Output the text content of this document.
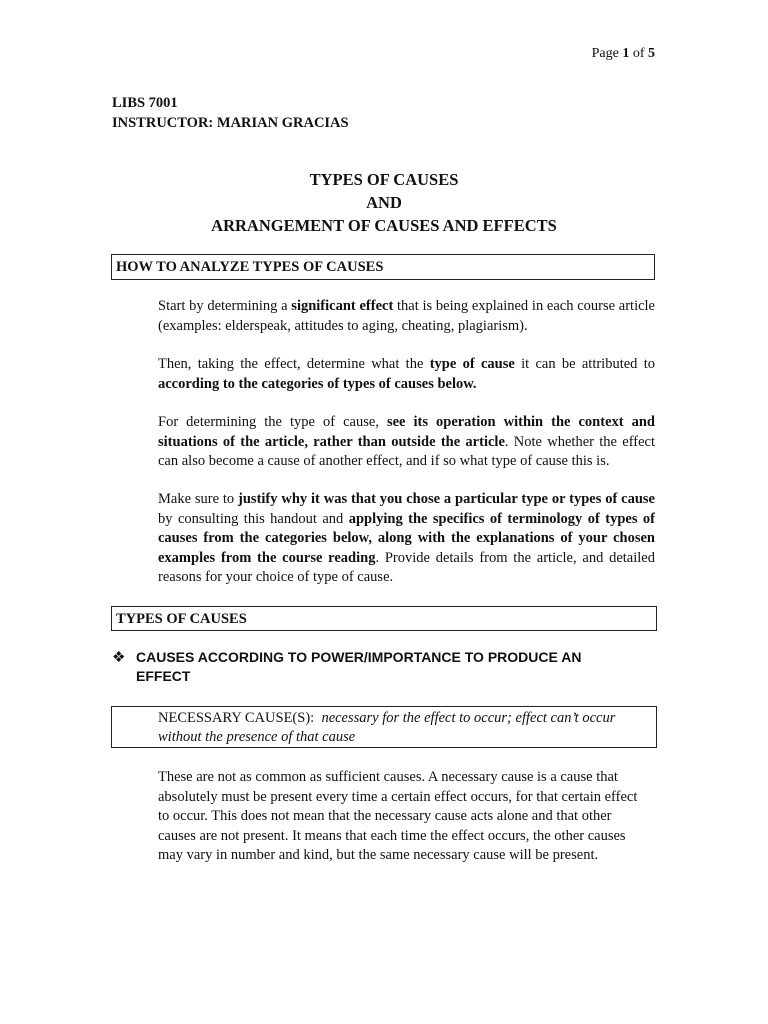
Page 1 of 5
LIBS 7001
INSTRUCTOR: MARIAN GRACIAS
TYPES OF CAUSES
AND
ARRANGEMENT OF CAUSES AND EFFECTS
HOW TO ANALYZE TYPES OF CAUSES
Start by determining a significant effect that is being explained in each course article (examples: elderspeak, attitudes to aging, cheating, plagiarism).
Then, taking the effect, determine what the type of cause it can be attributed to according to the categories of types of causes below.
For determining the type of cause, see its operation within the context and situations of the article, rather than outside the article. Note whether the effect can also become a cause of another effect, and if so what type of cause this is.
Make sure to justify why it was that you chose a particular type or types of cause by consulting this handout and applying the specifics of terminology of types of causes from the categories below, along with the explanations of your chosen examples from the course reading. Provide details from the article, and detailed reasons for your choice of type of cause.
TYPES OF CAUSES
❖ CAUSES ACCORDING TO POWER/IMPORTANCE TO PRODUCE AN
EFFECT
NECESSARY CAUSE(S): necessary for the effect to occur; effect can’t occur without the presence of that cause
These are not as common as sufficient causes. A necessary cause is a cause that absolutely must be present every time a certain effect occurs, for that certain effect to occur. This does not mean that the necessary cause acts alone and that other causes are not present. It means that each time the effect occurs, the other causes may vary in number and kind, but the same necessary cause will be present.
